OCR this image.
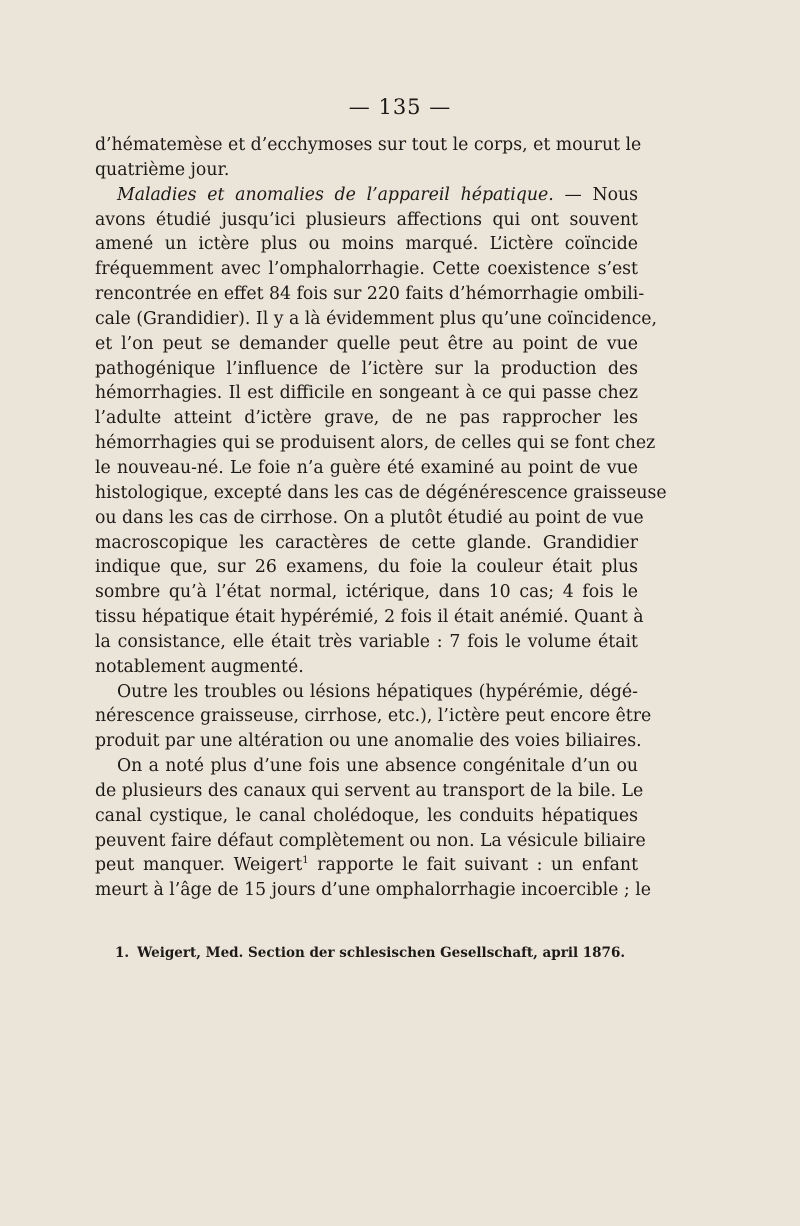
— 135 —
d’hématemèse et d’ecchymoses sur tout le corps, et mourut le
quatrième jour.
Maladies et anomalies de l’appareil hépatique. — Nous
avons étudié jusqu’ici plusieurs affections qui ont souvent
amené un ictère plus ou moins marqué. L’ictère coïncide
fréquemment avec l’omphalorrhagie. Cette coexistence s’est
rencontrée en effet 84 fois sur 220 faits d’hémorrhagie ombili-
cale (Grandidier). Il y a là évidemment plus qu’une coïncidence,
et l’on peut se demander quelle peut être au point de vue
pathogénique l’influence de l’ictère sur la production des
hémorrhagies. Il est difficile en songeant à ce qui passe chez
l’adulte atteint d’ictère grave, de ne pas rapprocher les
hémorrhagies qui se produisent alors, de celles qui se font chez
le nouveau-né. Le foie n’a guère été examiné au point de vue
histologique, excepté dans les cas de dégénérescence graisseuse
ou dans les cas de cirrhose. On a plutôt étudié au point de vue
macroscopique les caractères de cette glande. Grandidier
indique que, sur 26 examens, du foie la couleur était plus
sombre qu’à l’état normal, ictérique, dans 10 cas; 4 fois le
tissu hépatique était hypérémié, 2 fois il était anémié. Quant à
la consistance, elle était très variable : 7 fois le volume était
notablement augmenté.
Outre les troubles ou lésions hépatiques (hypérémie, dégé-
nérescence graisseuse, cirrhose, etc.), l’ictère peut encore être
produit par une altération ou une anomalie des voies biliaires.
On a noté plus d’une fois une absence congénitale d’un ou
de plusieurs des canaux qui servent au transport de la bile. Le
canal cystique, le canal cholédoque, les conduits hépatiques
peuvent faire défaut complètement ou non. La vésicule biliaire
peut manquer. Weigert$^1$ rapporte le fait suivant : un enfant
meurt à l’âge de 15 jours d’une omphalorrhagie incoercible ; le
1. Weigert, Med. Section der schlesischen Gesellschaft, april 1876.
